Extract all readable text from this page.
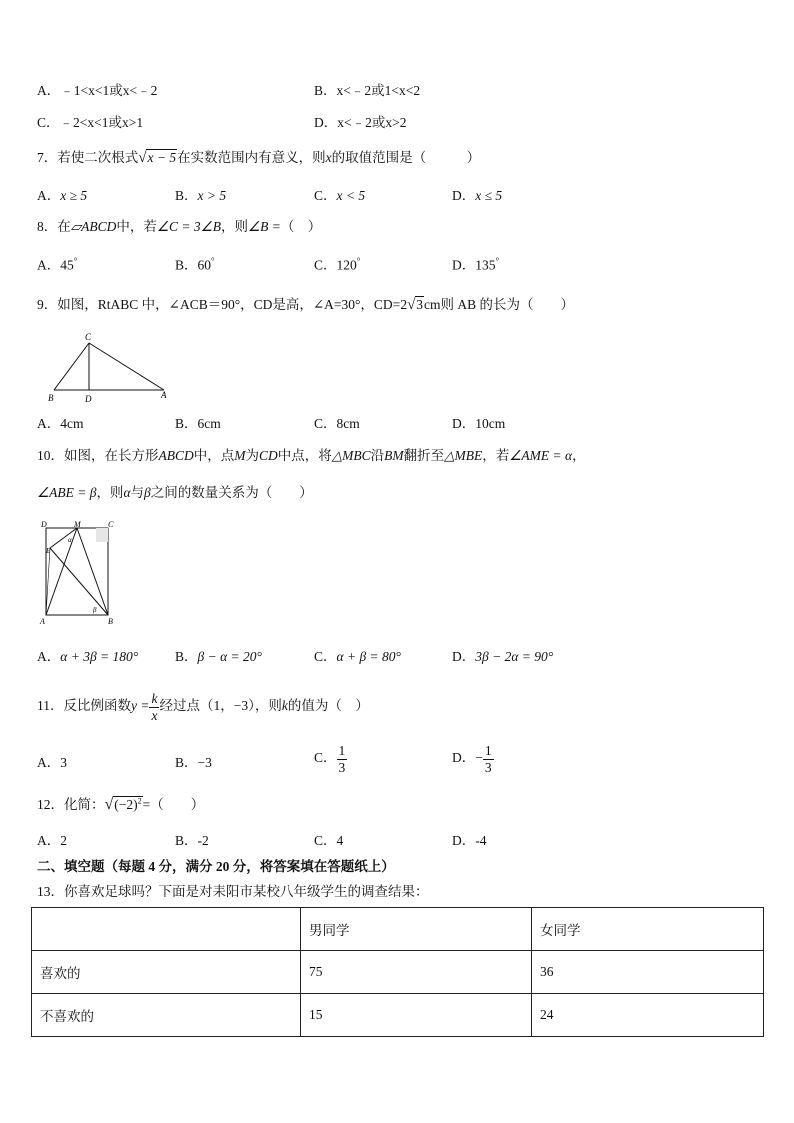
A．﹣1<x<1或x<﹣2	B．x<﹣2或1<x<2
C．﹣2<x<1或x>1	D．x<﹣2或x>2
7．若使二次根式√x − 5在实数范围内有意义，则x的取值范围是（　　　）
A．x ≥ 5	B．x > 5	C．x < 5	D．x ≤ 5
8．在▱ABCD中，若∠C = 3∠B，则∠B =（　）
A．45°	B．60°	C．120°	D．135°
9．如图，RtABC 中，∠ACB＝90°，CD是高，∠A=30°，CD=2√3cm则 AB 的长为（　　）
C
B	D	A
A．4cm	B．6cm	C．8cm	D．10cm
10．如图，在长方形ABCD中，点M为CD中点，将△MBC沿BM翻折至△MBE，若∠AME = α，
∠ABE = β，则α与β之间的数量关系为（　　）
D	M	C
E
A	B
α
β
A．α + 3β = 180°	B．β − α = 20°	C．α + β = 80°	D．3β − 2α = 90°
11．反比例函数$y = \frac{k}{x}$ 经过点（1，−3），则k的值为（　）
A．3	B．−3	C． $\frac{1}{3}$	D．− $\frac{1}{3}$
12．化简：$√(-2)^2=$（　　）
A．2	B．-2	C．4	D．-4
二、填空题（每题 4 分，满分 20 分，将答案填在答题纸上）
13．你喜欢足球吗？下面是对耒阳市某校八年级学生的调查结果：
	男同学	女同学
喜欢的	75	36
不喜欢的	15	24
